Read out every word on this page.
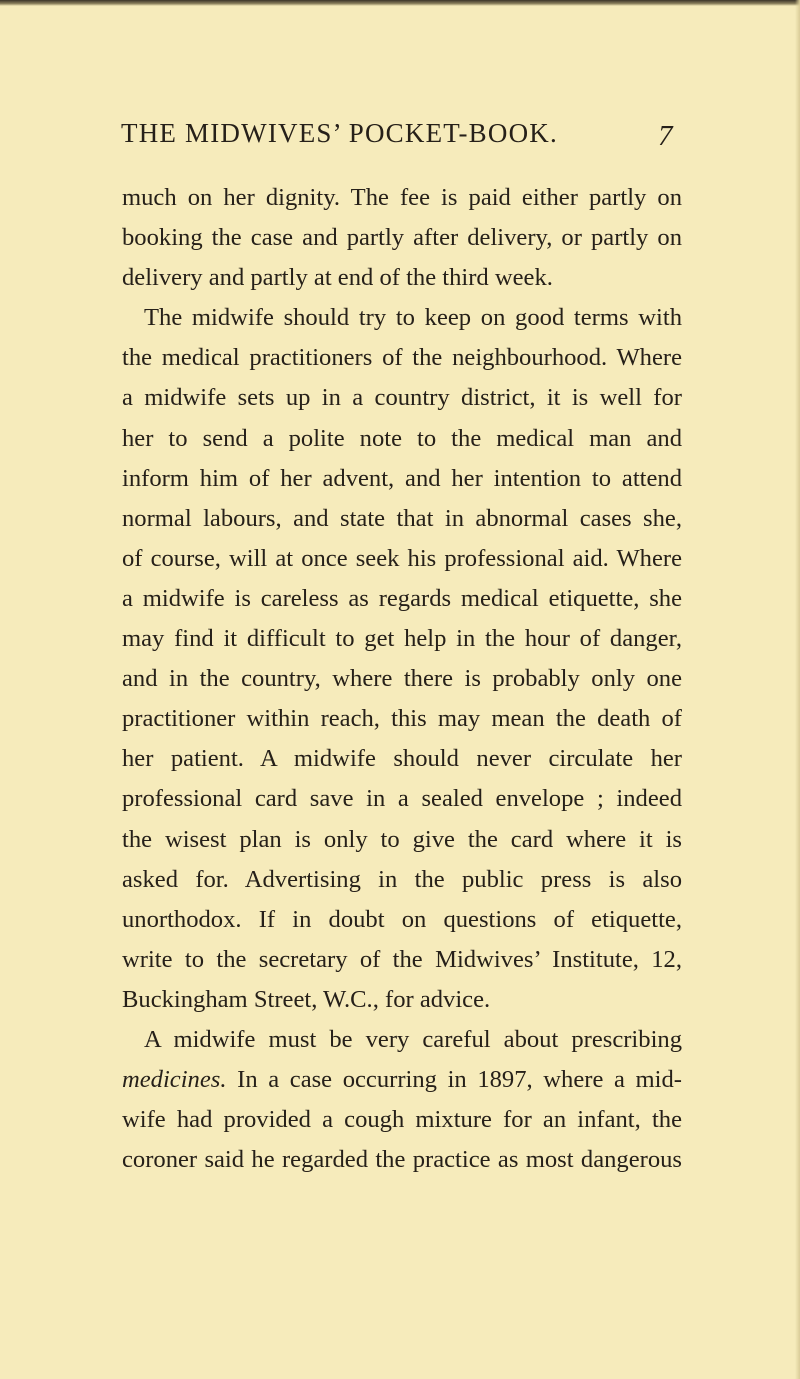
THE MIDWIVES’ POCKET-BOOK.	7
much on her dignity. The fee is paid either partly on
booking the case and partly after delivery, or partly on
delivery and partly at end of the third week.
The midwife should try to keep on good terms with
the medical practitioners of the neighbourhood. Where
a midwife sets up in a country district, it is well for
her to send a polite note to the medical man and
inform him of her advent, and her intention to attend
normal labours, and state that in abnormal cases she,
of course, will at once seek his professional aid. Where
a midwife is careless as regards medical etiquette, she
may find it difficult to get help in the hour of danger,
and in the country, where there is probably only one
practitioner within reach, this may mean the death of
her patient. A midwife should never circulate her
professional card save in a sealed envelope ; indeed
the wisest plan is only to give the card where it is
asked for. Advertising in the public press is also
unorthodox. If in doubt on questions of etiquette,
write to the secretary of the Midwives’ Institute, 12,
Buckingham Street, W.C., for advice.
A midwife must be very careful about prescribing
medicines. In a case occurring in 1897, where a mid-
wife had provided a cough mixture for an infant, the
coroner said he regarded the practice as most dangerous
